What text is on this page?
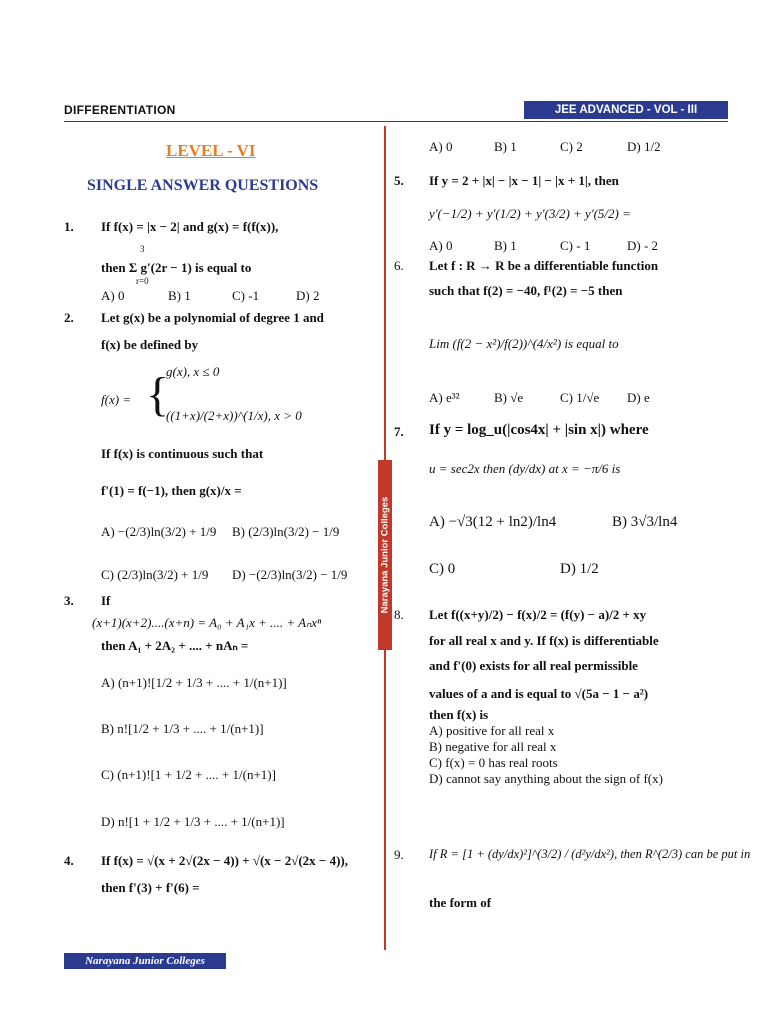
DIFFERENTIATION	JEE ADVANCED - VOL - III
Narayana Junior Colleges
LEVEL - VI
SINGLE ANSWER QUESTIONS
1. If f(x) = |x − 2| and g(x) = f(f(x)),
3
then Σ g'(2r − 1) is equal to
r=0
A) 0	B) 1	C) -1	D) 2
2. Let g(x) be a polynomial of degree 1 and
f(x) be defined by
f(x) = {
g(x), x ≤ 0
((1+x)/(2+x))^(1/x), x > 0
If f(x) is continuous such that
f'(1) = f(−1), then g(x)/x =
A) −(2/3)ln(3/2) + 1/9 B) (2/3)ln(3/2) − 1/9
C) (2/3)ln(3/2) + 1/9 D) −(2/3)ln(3/2) − 1/9
3. If
(x+1)(x+2)....(x+n) = A₀ + A₁x + .... + Aₙxⁿ
then A₁ + 2A₂ + .... + nAₙ =
A) (n+1)![1/2 + 1/3 + .... + 1/(n+1)]
B) n![1/2 + 1/3 + .... + 1/(n+1)]
C) (n+1)![1 + 1/2 + .... + 1/(n+1)]
D) n![1 + 1/2 + 1/3 + .... + 1/(n+1)]
4. If f(x) = √(x + 2√(2x − 4)) + √(x − 2√(2x − 4)),
then f'(3) + f'(6) =
A) 0	B) 1	C) 2	D) 1/2
5. If y = 2 + |x| − |x − 1| − |x + 1|, then
y'(−1/2) + y'(1/2) + y'(3/2) + y'(5/2) =
A) 0	B) 1	C) - 1	D) - 2
6. Let f : R → R be a differentiable function
such that f(2) = −40, f¹(2) = −5 then
Lim (f(2 − x²)/f(2))^(4/x²) is equal to
A) e³²	B) √e	C) 1/√e D) e
7. If y = log_u(|cos4x| + |sin x|) where
u = sec2x then (dy/dx) at x = −π/6 is
A) −√3(12 + ln2)/ln4	B) 3√3/ln4
C) 0	D) 1/2
8. Let f((x+y)/2) − f(x)/2 = (f(y) − a)/2 + xy
for all real x and y. If f(x) is differentiable
and f'(0) exists for all real permissible
values of a and is equal to √(5a − 1 − a²)
then f(x) is
A) positive for all real x
B) negative for all real x
C) f(x) = 0 has real roots
D) cannot say anything about the sign of f(x)
9. If R = [1 + (dy/dx)²]^(3/2) / (d²y/dx²), then R^(2/3) can be put in
the form of
Narayana Junior Colleges
